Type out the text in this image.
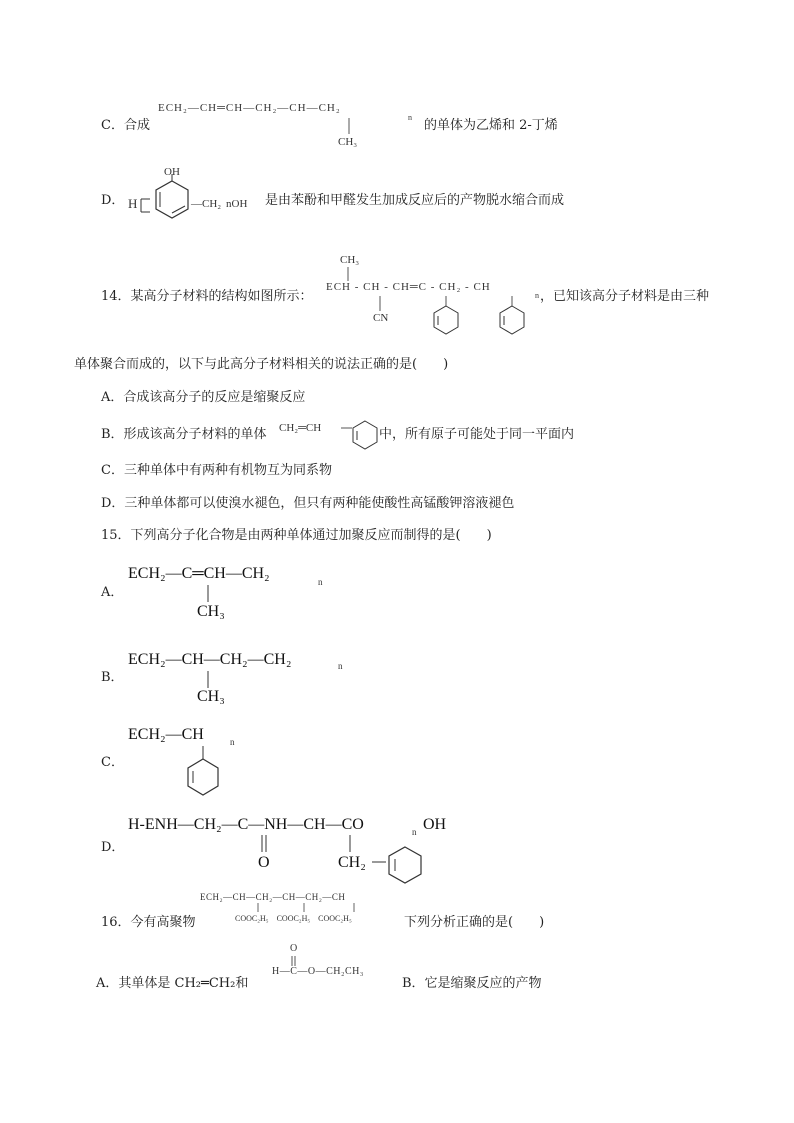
C．合成
ECH₂—CH═CH—CH₂—CH—CH₂
n
CH₃
的单体为乙烯和 2-丁烯
D． H
OH
—CH₂ nOH 是由苯酚和甲醛发生加成反应后的产物脱水缩合而成
14．某高分子材料的结构如图所示：
CH₃
ECH - CH - CH═C - CH₂ - CH
n
CN
，已知该高分子材料是由三种
单体聚合而成的，以下与此高分子材料相关的说法正确的是(　　)
A．合成该高分子的反应是缩聚反应
B．形成该高分子材料的单体 CH₂═CH	中，所有原子可能处于同一平面内
C．三种单体中有两种有机物互为同系物
D．三种单体都可以使溴水褪色，但只有两种能使酸性高锰酸钾溶液褪色
15．下列高分子化合物是由两种单体通过加聚反应而制得的是(　　)
A．
ECH₂—C═CH—CH₂	n
CH₃
B．
ECH₂—CH—CH₂—CH₂	n
CH₃
C．
ECH₂—CH	n
D．
H-ENH—CH₂—C—NH—CH—CO	n OH
O	CH₂
16．今有高聚物
ECH₂—CH—CH₂—CH—CH₂—CH
COOC₂H₅　COOC₂H₅　COOC₂H₅	下列分析正确的是(　　)
A．其单体是 CH₂═CH₂和
O
H—C—O—CH₂CH₃
B．它是缩聚反应的产物
